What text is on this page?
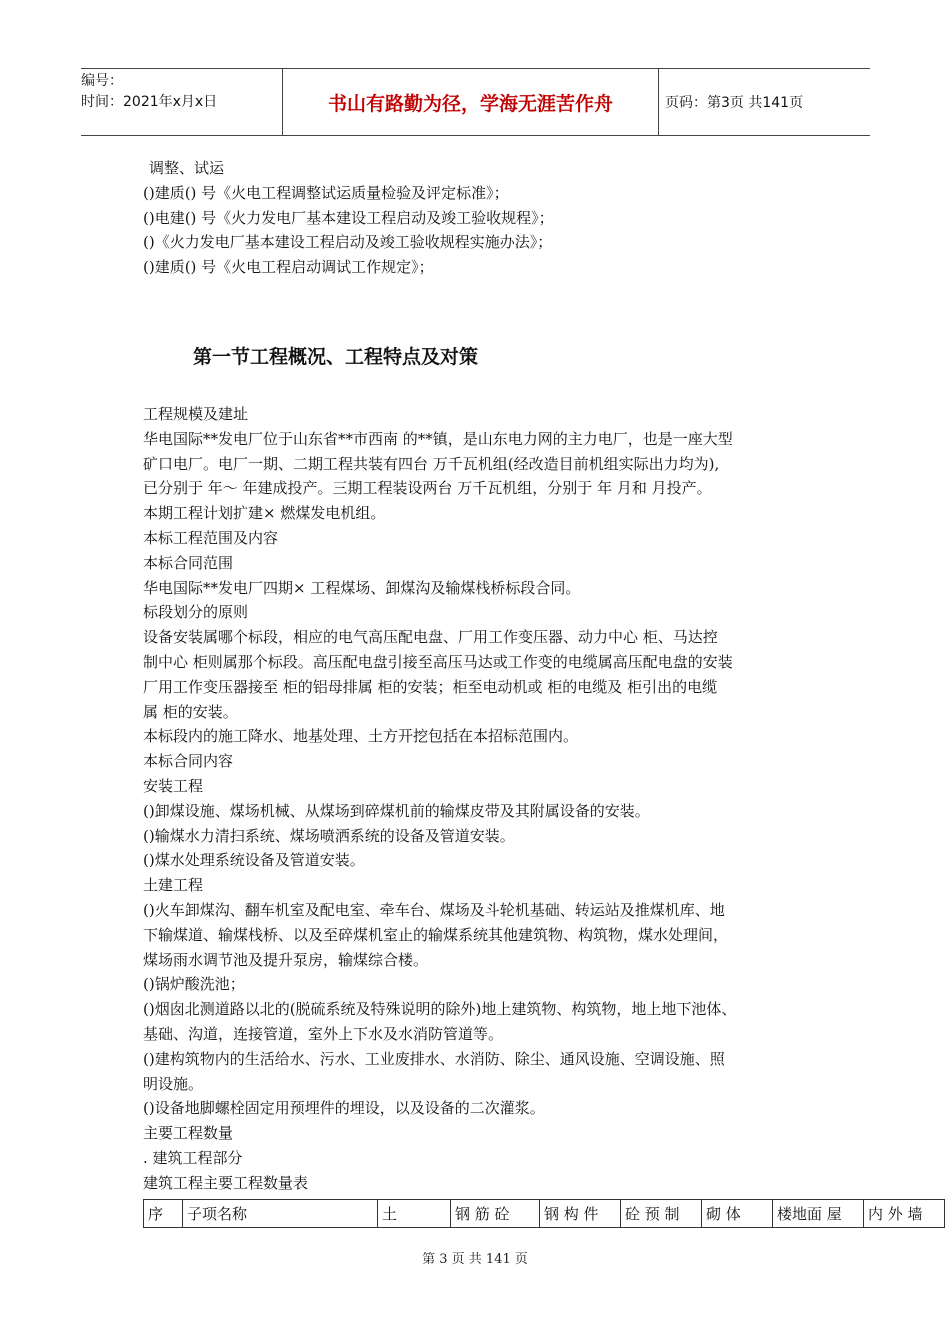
编号：
时间：2021年x月x日	书山有路勤为径，学海无涯苦作舟	页码：第3页 共141页
调整、试运
()建质() 号《火电工程调整试运质量检验及评定标准》；
()电建() 号《火力发电厂基本建设工程启动及竣工验收规程》；
()《火力发电厂基本建设工程启动及竣工验收规程实施办法》；
()建质() 号《火电工程启动调试工作规定》；
第一节工程概况、工程特点及对策
工程规模及建址
华电国际**发电厂位于山东省**市西南 的**镇，是山东电力网的主力电厂，也是一座大型
矿口电厂。电厂一期、二期工程共装有四台 万千瓦机组(经改造目前机组实际出力均为),
已分别于 年～ 年建成投产。三期工程装设两台 万千瓦机组，分别于 年 月和 月投产。
本期工程计划扩建× 燃煤发电机组。
本标工程范围及内容
本标合同范围
华电国际**发电厂四期× 工程煤场、卸煤沟及输煤栈桥标段合同。
标段划分的原则
设备安装属哪个标段，相应的电气高压配电盘、厂用工作变压器、动力中心 柜、马达控
制中心 柜则属那个标段。高压配电盘引接至高压马达或工作变的电缆属高压配电盘的安装
厂用工作变压器接至 柜的铝母排属 柜的安装；柜至电动机或 柜的电缆及 柜引出的电缆
属 柜的安装。
本标段内的施工降水、地基处理、土方开挖包括在本招标范围内。
本标合同内容
安装工程
()卸煤设施、煤场机械、从煤场到碎煤机前的输煤皮带及其附属设备的安装。
()输煤水力清扫系统、煤场喷洒系统的设备及管道安装。
()煤水处理系统设备及管道安装。
土建工程
()火车卸煤沟、翻车机室及配电室、牵车台、煤场及斗轮机基础、转运站及推煤机库、地
下输煤道、输煤栈桥、以及至碎煤机室止的输煤系统其他建筑物、构筑物，煤水处理间，
煤场雨水调节池及提升泵房，输煤综合楼。
()锅炉酸洗池；
()烟囱北测道路以北的(脱硫系统及特殊说明的除外)地上建筑物、构筑物，地上地下池体、
基础、沟道，连接管道，室外上下水及水消防管道等。
()建构筑物内的生活给水、污水、工业废排水、水消防、除尘、通风设施、空调设施、照
明设施。
()设备地脚螺栓固定用预埋件的埋设，以及设备的二次灌浆。
主要工程数量
. 建筑工程部分
建筑工程主要工程数量表
序	子项名称	土	钢 筋 砼	钢 构 件	砼 预 制	砌 体	楼地面 屋	内 外 墙
第 3 页 共 141 页
